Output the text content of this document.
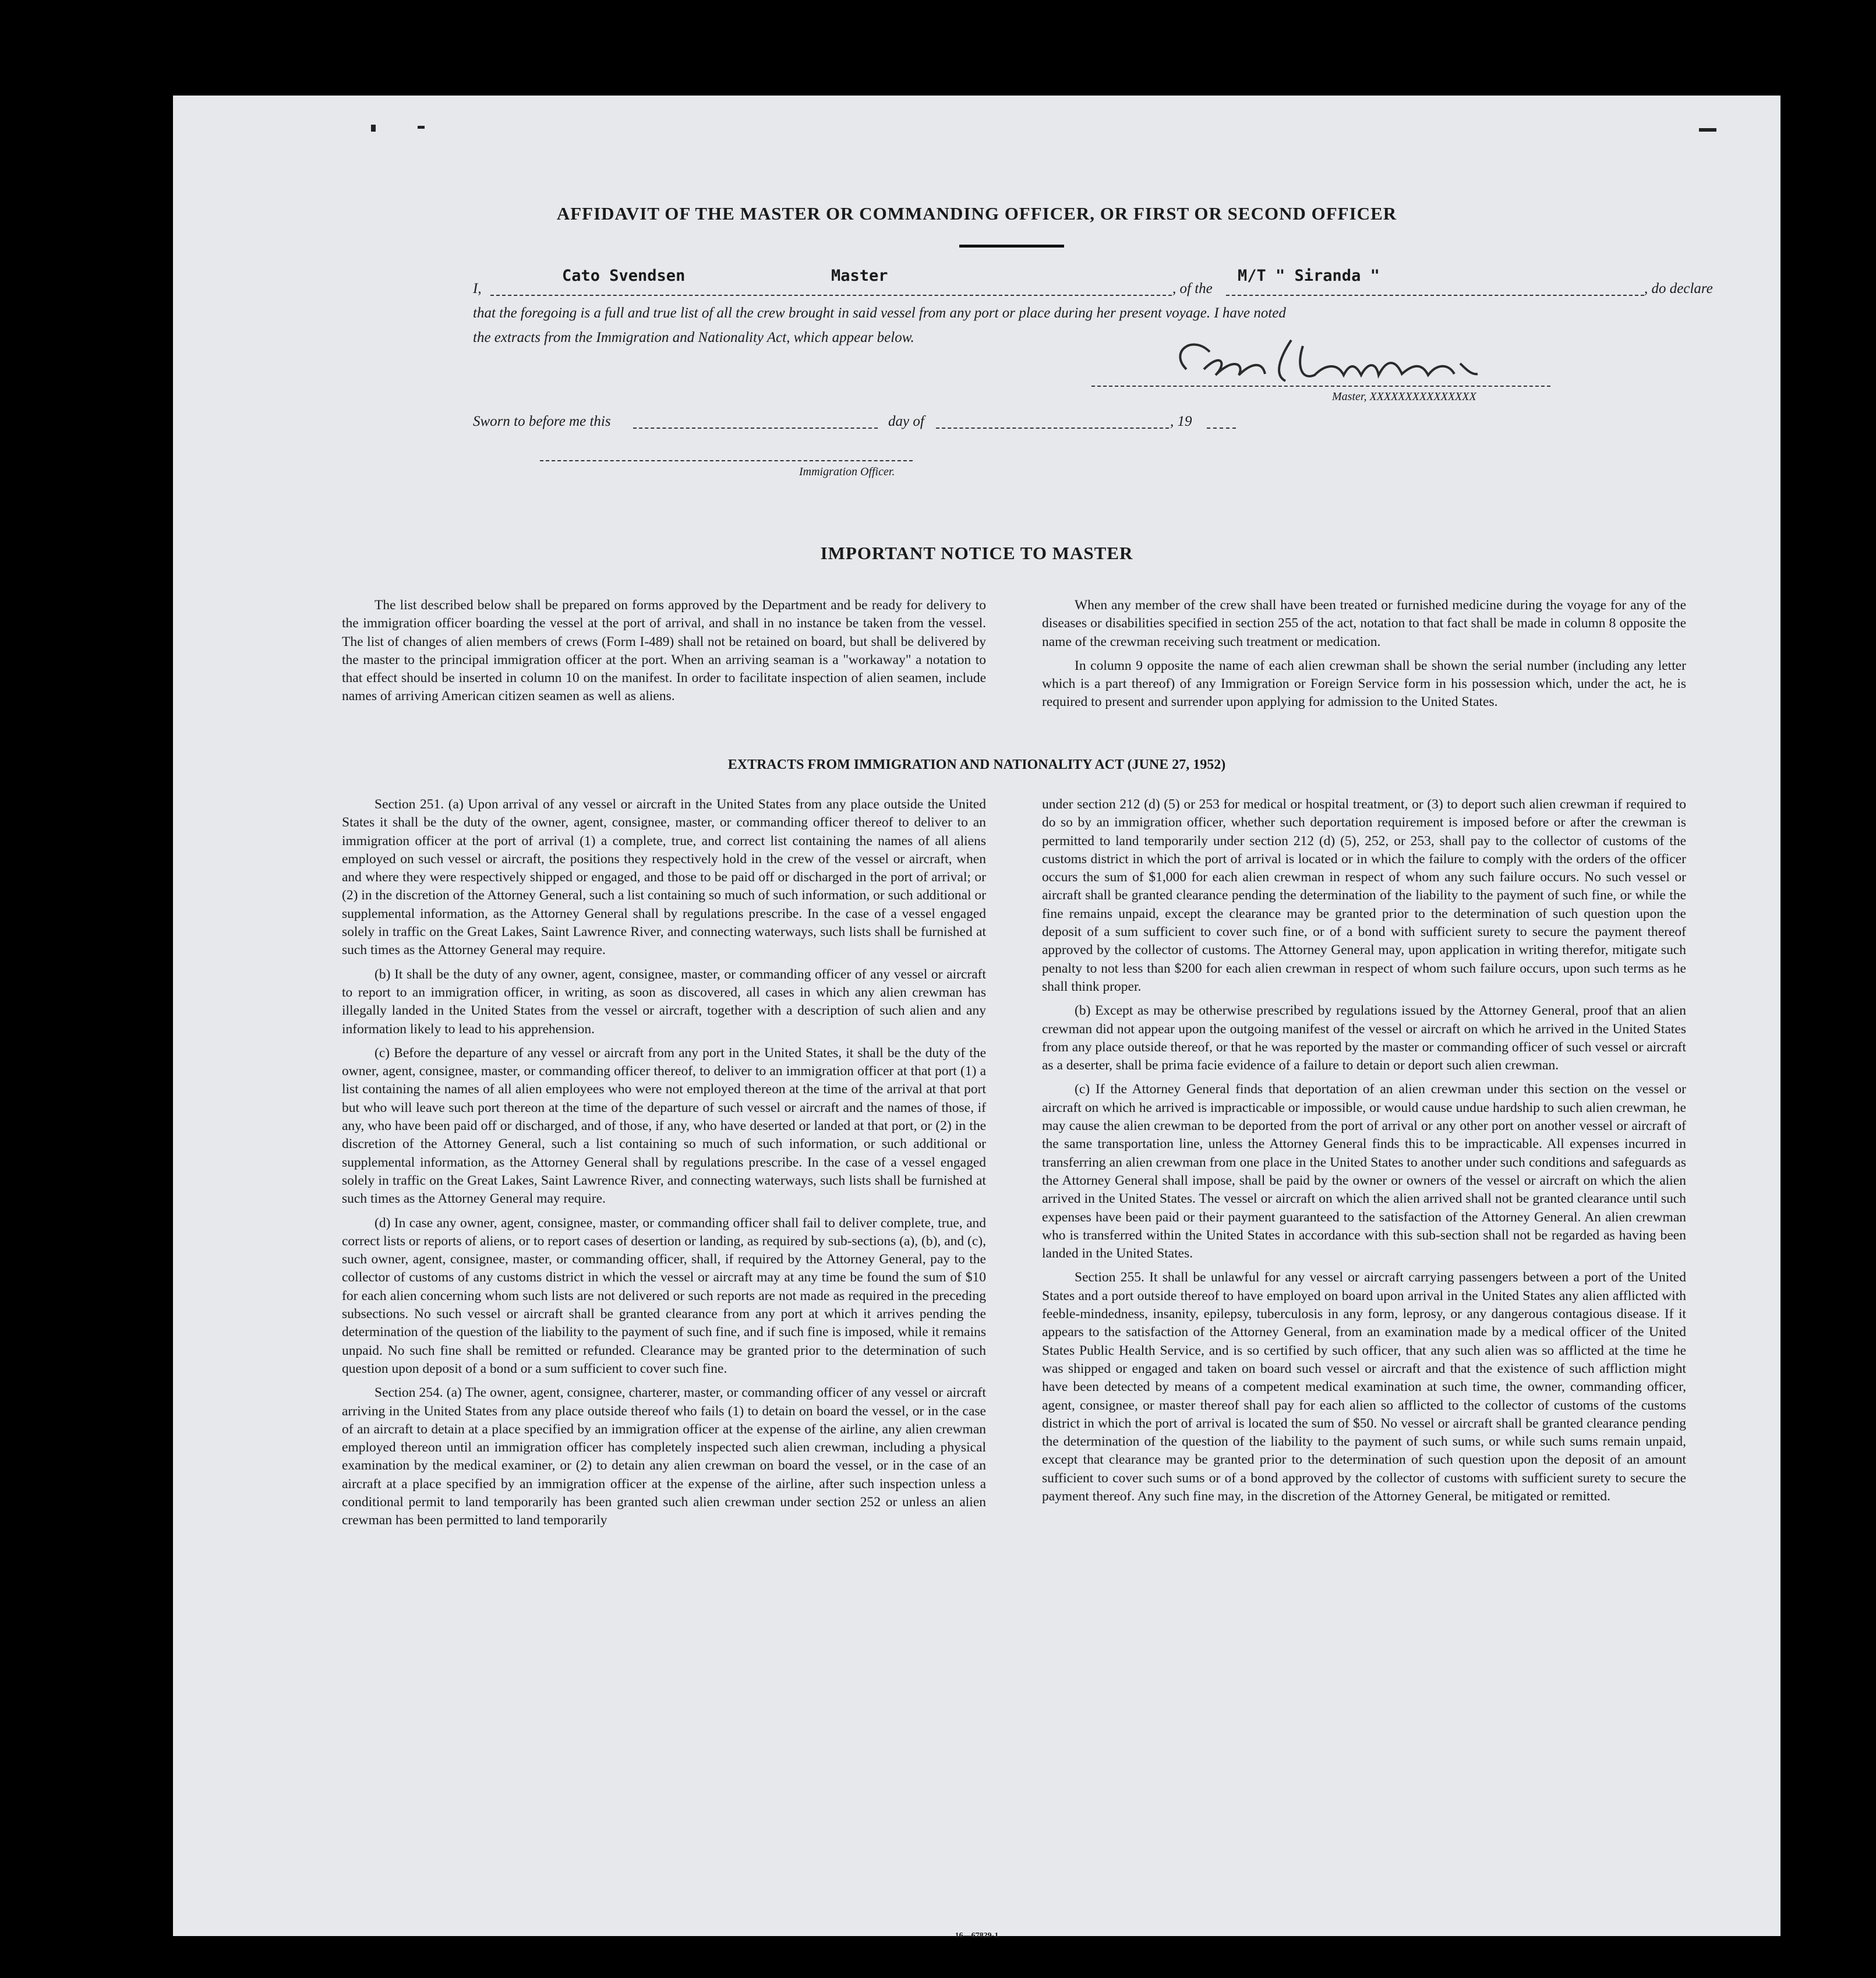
AFFIDAVIT OF THE MASTER OR COMMANDING OFFICER, OR FIRST OR SECOND OFFICER
I,
Cato Svendsen	Master
, of the
M/T " Siranda "
, do declare
that the foregoing is a full and true list of all the crew brought in said vessel from any port or place during her present voyage. I have noted
the extracts from the Immigration and Nationality Act, which appear below.
Master, XXXXXXXXXXXXXXX
Sworn to before me this	day of	, 19
Immigration Officer.
IMPORTANT NOTICE TO MASTER

The list described below shall be prepared on forms approved by the Department and be ready for delivery to the immigration officer boarding the vessel at the port of arrival, and shall in no instance be taken from the vessel. The list of changes of alien members of crews (Form I-489) shall not be retained on board, but shall be delivered by the master to the principal immigration officer at the port. When an arriving seaman is a "workaway" a notation to that effect should be inserted in column 10 on the manifest. In order to facilitate inspection of alien seamen, include names of arriving American citizen seamen as well as aliens.

When any member of the crew shall have been treated or furnished medicine during the voyage for any of the diseases or disabilities specified in section 255 of the act, notation to that fact shall be made in column 8 opposite the name of the crewman receiving such treatment or medication.

In column 9 opposite the name of each alien crewman shall be shown the serial number (including any letter which is a part thereof) of any Immigration or Foreign Service form in his possession which, under the act, he is required to present and surrender upon applying for admission to the United States.

EXTRACTS FROM IMMIGRATION AND NATIONALITY ACT (JUNE 27, 1952)

Section 251. (a) Upon arrival of any vessel or aircraft in the United States from any place outside the United States it shall be the duty of the owner, agent, consignee, master, or commanding officer thereof to deliver to an immigration officer at the port of arrival (1) a complete, true, and correct list containing the names of all aliens employed on such vessel or aircraft, the positions they respectively hold in the crew of the vessel or aircraft, when and where they were respectively shipped or engaged, and those to be paid off or discharged in the port of arrival; or (2) in the discretion of the Attorney General, such a list containing so much of such information, or such additional or supplemental information, as the Attorney General shall by regulations prescribe. In the case of a vessel engaged solely in traffic on the Great Lakes, Saint Lawrence River, and connecting waterways, such lists shall be furnished at such times as the Attorney General may require.

(b) It shall be the duty of any owner, agent, consignee, master, or commanding officer of any vessel or aircraft to report to an immigration officer, in writing, as soon as discovered, all cases in which any alien crewman has illegally landed in the United States from the vessel or aircraft, together with a description of such alien and any information likely to lead to his apprehension.

(c) Before the departure of any vessel or aircraft from any port in the United States, it shall be the duty of the owner, agent, consignee, master, or commanding officer thereof, to deliver to an immigration officer at that port (1) a list containing the names of all alien employees who were not employed thereon at the time of the arrival at that port but who will leave such port thereon at the time of the departure of such vessel or aircraft and the names of those, if any, who have been paid off or discharged, and of those, if any, who have deserted or landed at that port, or (2) in the discretion of the Attorney General, such a list containing so much of such information, or such additional or supplemental information, as the Attorney General shall by regulations prescribe. In the case of a vessel engaged solely in traffic on the Great Lakes, Saint Lawrence River, and connecting waterways, such lists shall be furnished at such times as the Attorney General may require.

(d) In case any owner, agent, consignee, master, or commanding officer shall fail to deliver complete, true, and correct lists or reports of aliens, or to report cases of desertion or landing, as required by sub-sections (a), (b), and (c), such owner, agent, consignee, master, or commanding officer, shall, if required by the Attorney General, pay to the collector of customs of any customs district in which the vessel or aircraft may at any time be found the sum of $10 for each alien concerning whom such lists are not delivered or such reports are not made as required in the preceding subsections. No such vessel or aircraft shall be granted clearance from any port at which it arrives pending the determination of the question of the liability to the payment of such fine, and if such fine is imposed, while it remains unpaid. No such fine shall be remitted or refunded. Clearance may be granted prior to the determination of such question upon deposit of a bond or a sum sufficient to cover such fine.

Section 254. (a) The owner, agent, consignee, charterer, master, or commanding officer of any vessel or aircraft arriving in the United States from any place outside thereof who fails (1) to detain on board the vessel, or in the case of an aircraft to detain at a place specified by an immigration officer at the expense of the airline, any alien crewman employed thereon until an immigration officer has completely inspected such alien crewman, including a physical examination by the medical examiner, or (2) to detain any alien crewman on board the vessel, or in the case of an aircraft at a place specified by an immigration officer at the expense of the airline, after such inspection unless a conditional permit to land temporarily has been granted such alien crewman under section 252 or unless an alien crewman has been permitted to land temporarily

under section 212 (d) (5) or 253 for medical or hospital treatment, or (3) to deport such alien crewman if required to do so by an immigration officer, whether such deportation requirement is imposed before or after the crewman is permitted to land temporarily under section 212 (d) (5), 252, or 253, shall pay to the collector of customs of the customs district in which the port of arrival is located or in which the failure to comply with the orders of the officer occurs the sum of $1,000 for each alien crewman in respect of whom any such failure occurs. No such vessel or aircraft shall be granted clearance pending the determination of the liability to the payment of such fine, or while the fine remains unpaid, except the clearance may be granted prior to the determination of such question upon the deposit of a sum sufficient to cover such fine, or of a bond with sufficient surety to secure the payment thereof approved by the collector of customs. The Attorney General may, upon application in writing therefor, mitigate such penalty to not less than $200 for each alien crewman in respect of whom such failure occurs, upon such terms as he shall think proper.

(b) Except as may be otherwise prescribed by regulations issued by the Attorney General, proof that an alien crewman did not appear upon the outgoing manifest of the vessel or aircraft on which he arrived in the United States from any place outside thereof, or that he was reported by the master or commanding officer of such vessel or aircraft as a deserter, shall be prima facie evidence of a failure to detain or deport such alien crewman.

(c) If the Attorney General finds that deportation of an alien crewman under this section on the vessel or aircraft on which he arrived is impracticable or impossible, or would cause undue hardship to such alien crewman, he may cause the alien crewman to be deported from the port of arrival or any other port on another vessel or aircraft of the same transportation line, unless the Attorney General finds this to be impracticable. All expenses incurred in transferring an alien crewman from one place in the United States to another under such conditions and safeguards as the Attorney General shall impose, shall be paid by the owner or owners of the vessel or aircraft on which the alien arrived in the United States. The vessel or aircraft on which the alien arrived shall not be granted clearance until such expenses have been paid or their payment guaranteed to the satisfaction of the Attorney General. An alien crewman who is transferred within the United States in accordance with this sub-section shall not be regarded as having been landed in the United States.

Section 255. It shall be unlawful for any vessel or aircraft carrying passengers between a port of the United States and a port outside thereof to have employed on board upon arrival in the United States any alien afflicted with feeble-mindedness, insanity, epilepsy, tuberculosis in any form, leprosy, or any dangerous contagious disease. If it appears to the satisfaction of the Attorney General, from an examination made by a medical officer of the United States Public Health Service, and is so certified by such officer, that any such alien was so afflicted at the time he was shipped or engaged and taken on board such vessel or aircraft and that the existence of such affliction might have been detected by means of a competent medical examination at such time, the owner, commanding officer, agent, consignee, or master thereof shall pay for each alien so afflicted to the collector of customs of the customs district in which the port of arrival is located the sum of $50. No vessel or aircraft shall be granted clearance pending the determination of the question of the liability to the payment of such sums, or while such sums remain unpaid, except that clearance may be granted prior to the determination of such question upon the deposit of an amount sufficient to cover such sums or of a bond approved by the collector of customs with sufficient surety to secure the payment thereof. Any such fine may, in the discretion of the Attorney General, be mitigated or remitted.

16—67829-1
